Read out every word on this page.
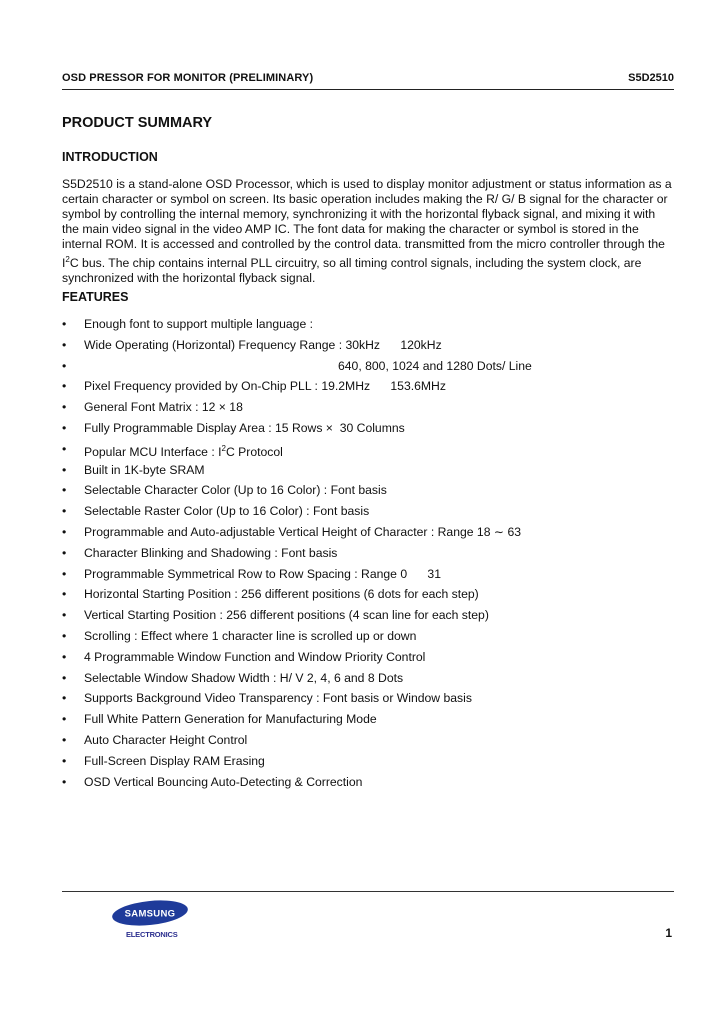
OSD PRESSOR FOR MONITOR (PRELIMINARY)	S5D2510
PRODUCT SUMMARY
INTRODUCTION

S5D2510 is a stand-alone OSD Processor, which is used to display monitor adjustment or status information as a

certain character or symbol on screen. Its basic operation includes making the R/ G/ B signal for the character or

symbol by controlling the internal memory, synchronizing it with the horizontal flyback signal, and mixing it with

the main video signal in the video AMP IC. The font data for making the character or symbol is stored in the

internal ROM. It is accessed and controlled by the control data. transmitted from the micro controller through the

$I^2C$ bus. The chip contains internal PLL circuitry, so all timing control signals, including the system clock, are

synchronized with the horizontal flyback signal.

FEATURES
•	Enough font to support multiple language :
•	Wide Operating (Horizontal) Frequency Range : 30kHz      120kHz
•	640, 800, 1024 and 1280 Dots/ Line
•	Pixel Frequency provided by On-Chip PLL : 19.2MHz      153.6MHz
•	General Font Matrix : 12 × 18
•	Fully Programmable Display Area : 15 Rows ×  30 Columns
•	Popular MCU Interface : $I^2C$ Protocol
•	Built in 1K-byte SRAM
•	Selectable Character Color (Up to 16 Color) : Font basis
•	Selectable Raster Color (Up to 16 Color) : Font basis
•	Programmable and Auto-adjustable Vertical Height of Character : Range 18 ∼ 63
•	Character Blinking and Shadowing : Font basis
•	Programmable Symmetrical Row to Row Spacing : Range 0      31
•	Horizontal Starting Position : 256 different positions (6 dots for each step)
•	Vertical Starting Position : 256 different positions (4 scan line for each step)
•	Scrolling : Effect where 1 character line is scrolled up or down
•	4 Programmable Window Function and Window Priority Control
•	Selectable Window Shadow Width : H/ V 2, 4, 6 and 8 Dots
•	Supports Background Video Transparency : Font basis or Window basis
•	Full White Pattern Generation for Manufacturing Mode
•	Auto Character Height Control
•	Full-Screen Display RAM Erasing
•	OSD Vertical Bouncing Auto-Detecting & Correction
SAMSUNG
ELECTRONICS	1
